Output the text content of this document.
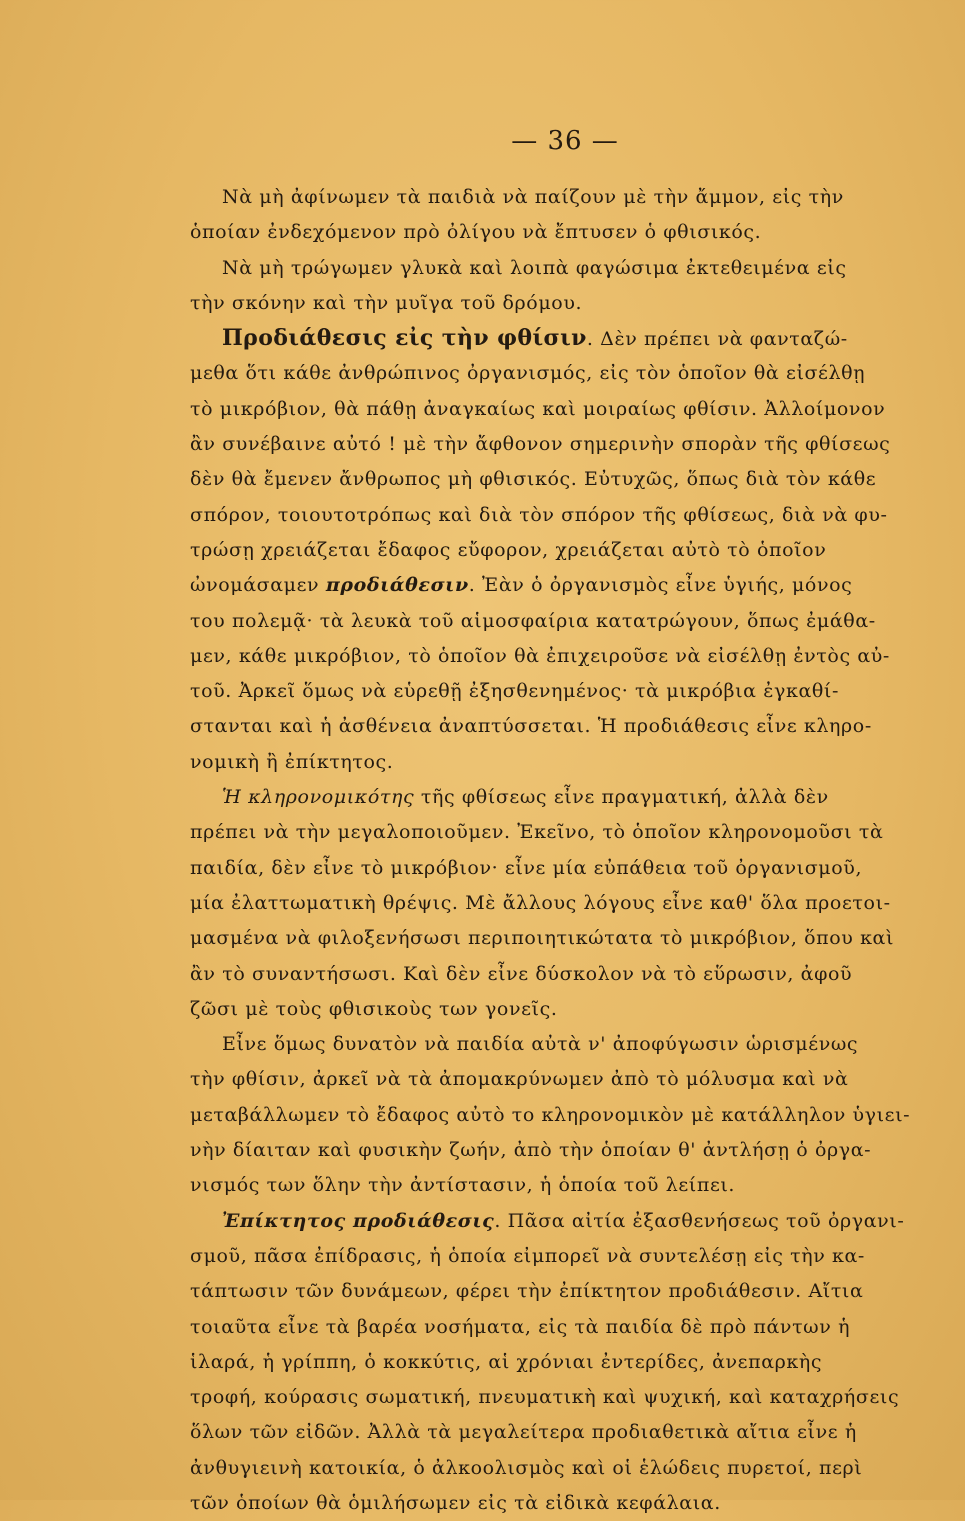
— 36 —
Νὰ μὴ ἀφίνωμεν τὰ παιδιὰ νὰ παίζουν μὲ τὴν ἄμμον, εἰς τὴν
ὁποίαν ἐνδεχόμενον πρὸ ὀλίγου νὰ ἔπτυσεν ὁ φθισικός.
Νὰ μὴ τρώγωμεν γλυκὰ καὶ λοιπὰ φαγώσιμα ἐκτεθειμένα εἰς
τὴν σκόνην καὶ τὴν μυῖγα τοῦ δρόμου.
Προδιάθεσις εἰς τὴν φθίσιν. Δὲν πρέπει νὰ φανταζώ-
μεθα ὅτι κάθε ἀνθρώπινος ὀργανισμός, εἰς τὸν ὁποῖον θὰ εἰσέλθῃ
τὸ μικρόβιον, θὰ πάθῃ ἀναγκαίως καὶ μοιραίως φθίσιν. Ἀλλοίμονον
ἂν συνέβαινε αὐτό ! μὲ τὴν ἄφθονον σημερινὴν σπορὰν τῆς φθίσεως
δὲν θὰ ἔμενεν ἄνθρωπος μὴ φθισικός. Εὐτυχῶς, ὅπως διὰ τὸν κάθε
σπόρον, τοιουτοτρόπως καὶ διὰ τὸν σπόρον τῆς φθίσεως, διὰ νὰ φυ-
τρώσῃ χρειάζεται ἔδαφος εὔφορον, χρειάζεται αὐτὸ τὸ ὁποῖον
ὠνομάσαμεν προδιάθεσιν. Ἐὰν ὁ ὀργανισμὸς εἶνε ὑγιής, μόνος
του πολεμᾷ· τὰ λευκὰ τοῦ αἱμοσφαίρια κατατρώγουν, ὅπως ἐμάθα-
μεν, κάθε μικρόβιον, τὸ ὁποῖον θὰ ἐπιχειροῦσε νὰ εἰσέλθῃ ἐντὸς αὐ-
τοῦ. Ἀρκεῖ ὅμως νὰ εὑρεθῇ ἐξησθενημένος· τὰ μικρόβια ἐγκαθί-
στανται καὶ ἡ ἀσθένεια ἀναπτύσσεται. Ἡ προδιάθεσις εἶνε κληρο-
νομικὴ ἢ ἐπίκτητος.
Ἡ κληρονομικότης τῆς φθίσεως εἶνε πραγματική, ἀλλὰ δὲν
πρέπει νὰ τὴν μεγαλοποιοῦμεν. Ἐκεῖνο, τὸ ὁποῖον κληρονομοῦσι τὰ
παιδία, δὲν εἶνε τὸ μικρόβιον· εἶνε μία εὐπάθεια τοῦ ὀργανισμοῦ,
μία ἐλαττωματικὴ θρέψις. Μὲ ἄλλους λόγους εἶνε καθ' ὅλα προετοι-
μασμένα νὰ φιλοξενήσωσι περιποιητικώτατα τὸ μικρόβιον, ὅπου καὶ
ἂν τὸ συναντήσωσι. Καὶ δὲν εἶνε δύσκολον νὰ τὸ εὕρωσιν, ἀφοῦ
ζῶσι μὲ τοὺς φθισικοὺς των γονεῖς.
Εἶνε ὅμως δυνατὸν νὰ παιδία αὐτὰ ν' ἀποφύγωσιν ὡρισμένως
τὴν φθίσιν, ἀρκεῖ νὰ τὰ ἀπομακρύνωμεν ἀπὸ τὸ μόλυσμα καὶ νὰ
μεταβάλλωμεν τὸ ἔδαφος αὐτὸ το κληρονομικὸν μὲ κατάλληλον ὑγιει-
νὴν δίαιταν καὶ φυσικὴν ζωήν, ἀπὸ τὴν ὁποίαν θ' ἀντλήσῃ ὁ ὀργα-
νισμός των ὅλην τὴν ἀντίστασιν, ἡ ὁποία τοῦ λείπει.
Ἐπίκτητος προδιάθεσις. Πᾶσα αἰτία ἐξασθενήσεως τοῦ ὀργανι-
σμοῦ, πᾶσα ἐπίδρασις, ἡ ὁποία εἰμπορεῖ νὰ συντελέσῃ εἰς τὴν κα-
τάπτωσιν τῶν δυνάμεων, φέρει τὴν ἐπίκτητον προδιάθεσιν. Αἴτια
τοιαῦτα εἶνε τὰ βαρέα νοσήματα, εἰς τὰ παιδία δὲ πρὸ πάντων ἡ
ἱλαρά, ἡ γρίππη, ὁ κοκκύτις, αἱ χρόνιαι ἐντερίδες, ἀνεπαρκὴς
τροφή, κούρασις σωματική, πνευματικὴ καὶ ψυχική, καὶ καταχρήσεις
ὅλων τῶν εἰδῶν. Ἀλλὰ τὰ μεγαλείτερα προδιαθετικὰ αἴτια εἶνε ἡ
ἀνθυγιεινὴ κατοικία, ὁ ἀλκοολισμὸς καὶ οἱ ἑλώδεις πυρετοί, περὶ
τῶν ὁποίων θὰ ὁμιλήσωμεν εἰς τὰ εἰδικὰ κεφάλαια.
